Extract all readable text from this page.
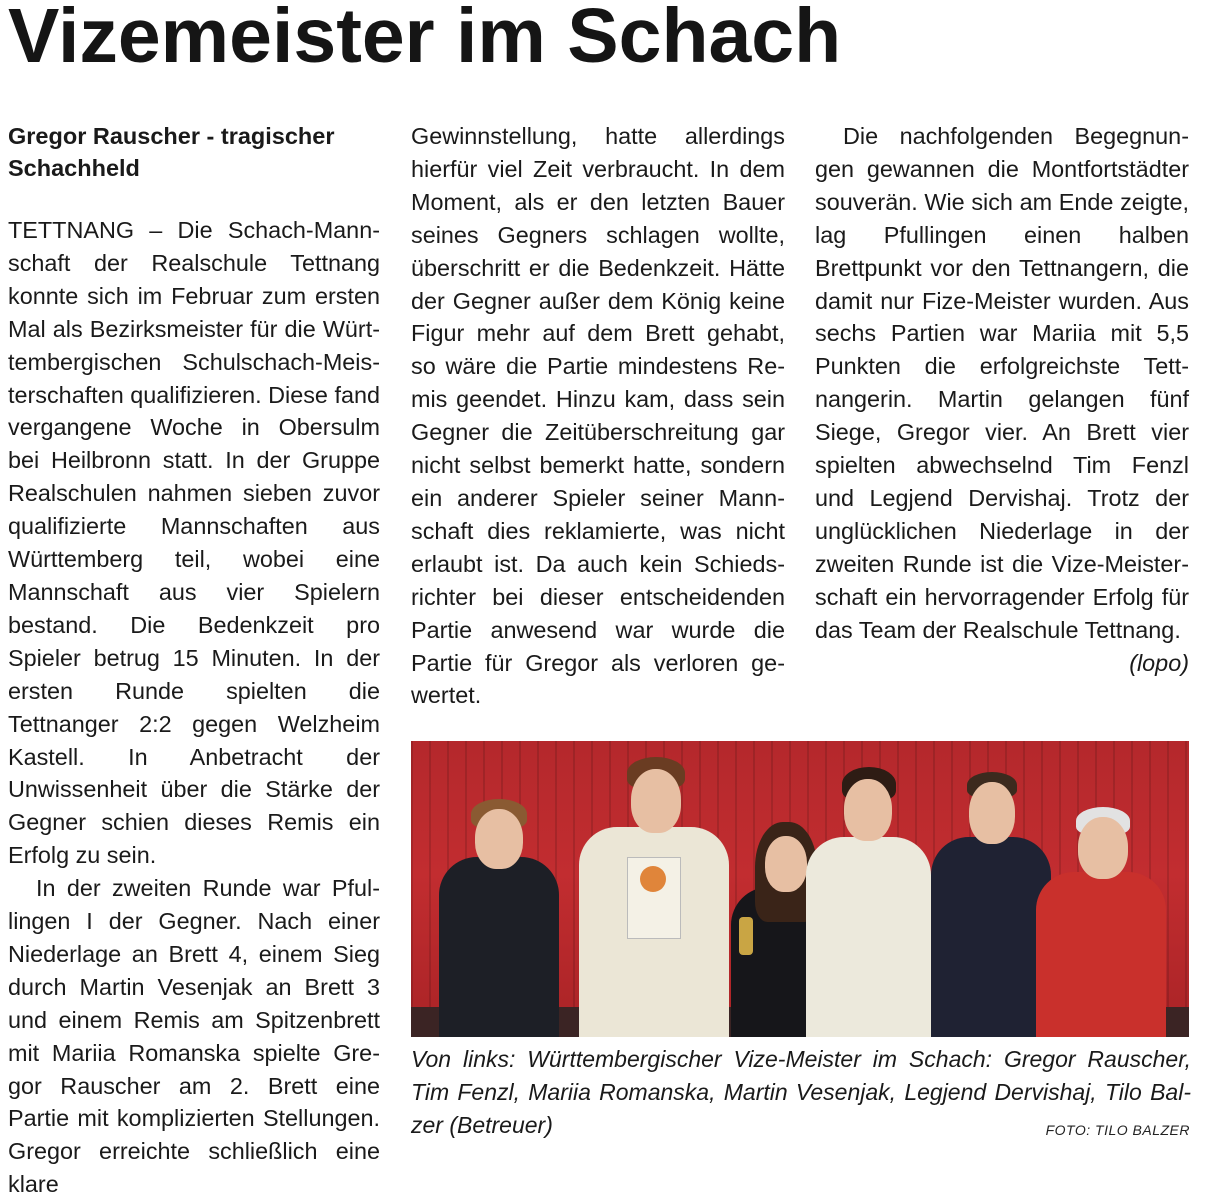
Vizemeister im Schach

Gregor Rauscher - tragischer Schachheld

TETTNANG – Die Schach-Mannschaft der Realschule Tettnang konnte sich im Februar zum ersten Mal als Bezirksmeister für die Württembergischen Schulschach-Meisterschaften qualifizieren. Diese fand vergangene Woche in Obersulm bei Heilbronn statt. In der Gruppe Realschulen nahmen sieben zuvor qualifizierte Mannschaften aus Württemberg teil, wobei eine Mannschaft aus vier Spielern bestand. Die Bedenkzeit pro Spieler betrug 15 Minuten. In der ersten Runde spielten die Tettnanger 2:2 gegen Welzheim Kastell. In Anbetracht der Unwissenheit über die Stärke der Gegner schien dieses Remis ein Erfolg zu sein.

In der zweiten Runde war Pfullingen I der Gegner. Nach einer Niederlage an Brett 4, einem Sieg durch Martin Vesenjak an Brett 3 und einem Remis am Spitzenbrett mit Mariia Romanska spielte Gregor Rauscher am 2. Brett eine Partie mit komplizierten Stellungen. Gregor erreichte schließlich eine klare

Gewinnstellung, hatte allerdings hierfür viel Zeit verbraucht. In dem Moment, als er den letzten Bauer seines Gegners schlagen wollte, überschritt er die Bedenkzeit. Hätte der Gegner außer dem König keine Figur mehr auf dem Brett gehabt, so wäre die Partie mindestens Remis geendet. Hinzu kam, dass sein Gegner die Zeitüberschreitung gar nicht selbst bemerkt hatte, sondern ein anderer Spieler seiner Mannschaft dies reklamierte, was nicht erlaubt ist. Da auch kein Schiedsrichter bei dieser entscheidenden Partie anwesend war wurde die Partie für Gregor als verloren gewertet.

Die nachfolgenden Begegnungen gewannen die Montfortstädter souverän. Wie sich am Ende zeigte, lag Pfullingen einen halben Brettpunkt vor den Tettnangern, die damit nur Fize-Meister wurden. Aus sechs Partien war Mariia mit 5,5 Punkten die erfolgreichste Tettnangerin. Martin gelangen fünf Siege, Gregor vier. An Brett vier spielten abwechselnd Tim Fenzl und Legjend Dervishaj. Trotz der unglücklichen Niederlage in der zweiten Runde ist die Vize-Meisterschaft ein hervorragender Erfolg für das Team der Realschule Tettnang.

(lopo)

Von links: Württembergischer Vize-Meister im Schach: Gregor Rauscher, Tim Fenzl, Mariia Romanska, Martin Vesenjak, Legjend Dervishaj, Tilo Balzer (Betreuer)	FOTO: TILO BALZER
